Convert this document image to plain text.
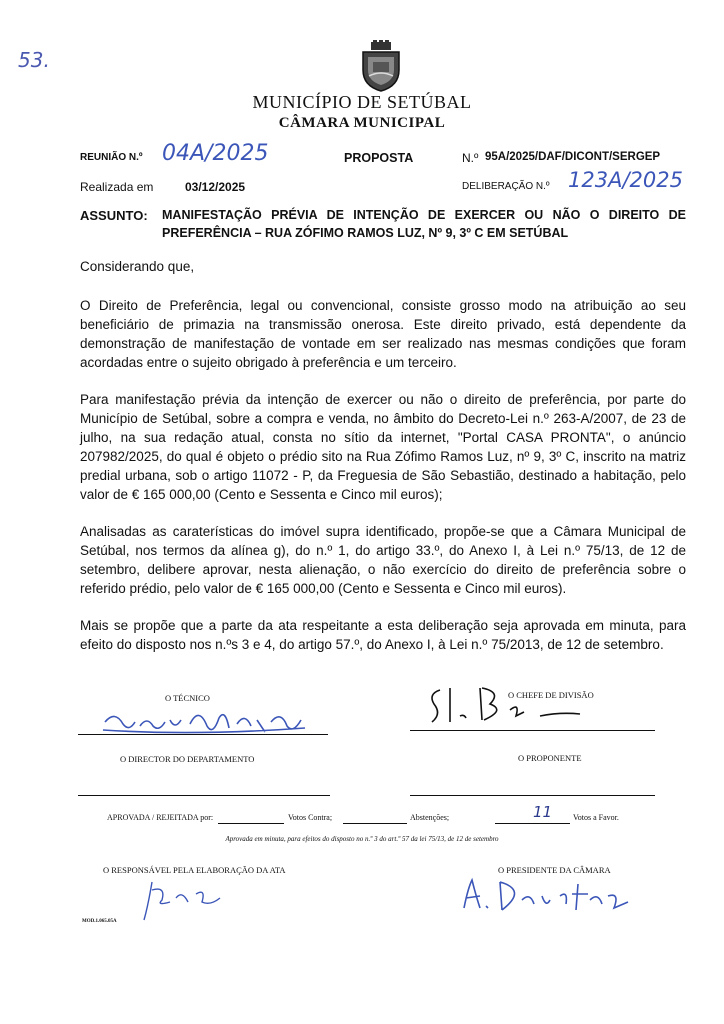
53.
MUNICÍPIO DE SETÚBAL
CÂMARA MUNICIPAL
REUNIÃO N.º 04A/2025	PROPOSTA	N.º 95A/2025/DAF/DICONT/SERGEP
Realizada em	03/12/2025	DELIBERAÇÃO N.º 123A/2025
ASSUNTO: MANIFESTAÇÃO PRÉVIA DE INTENÇÃO DE EXERCER OU NÃO O DIREITO DE
PREFERÊNCIA – RUA ZÓFIMO RAMOS LUZ, Nº 9, 3º C EM SETÚBAL

Considerando que,

O Direito de Preferência, legal ou convencional, consiste grosso modo na atribuição ao seu beneficiário de primazia na transmissão onerosa. Este direito privado, está dependente da demonstração de manifestação de vontade em ser realizado nas mesmas condições que foram acordadas entre o sujeito obrigado à preferência e um terceiro.

Para manifestação prévia da intenção de exercer ou não o direito de preferência, por parte do Município de Setúbal, sobre a compra e venda, no âmbito do Decreto-Lei n.º 263-A/2007, de 23 de julho, na sua redação atual, consta no sítio da internet, "Portal CASA PRONTA", o anúncio 207982/2025, do qual é objeto o prédio sito na Rua Zófimo Ramos Luz, nº 9, 3º C, inscrito na matriz predial urbana, sob o artigo 11072 - P, da Freguesia de São Sebastião, destinado a habitação, pelo valor de € 165 000,00 (Cento e Sessenta e Cinco mil euros);

Analisadas as caraterísticas do imóvel supra identificado, propõe-se que a Câmara Municipal de Setúbal, nos termos da alínea g), do n.º 1, do artigo 33.º, do Anexo I, à Lei n.º 75/13, de 12 de setembro, delibere aprovar, nesta alienação, o não exercício do direito de preferência sobre o referido prédio, pelo valor de € 165 000,00 (Cento e Sessenta e Cinco mil euros).

Mais se propõe que a parte da ata respeitante a esta deliberação seja aprovada em minuta, para efeito do disposto nos n.ºs 3 e 4, do artigo 57.º, do Anexo I, à Lei n.º 75/2013, de 12 de setembro.

O TÉCNICO	O CHEFE DE DIVISÃO
O DIRECTOR DO DEPARTAMENTO	O PROPONENTE
APROVADA / REJEITADA por:	Votos Contra;	Abstenções;	11	Votos a Favor.
Aprovada em minuta, para efeitos do disposto no n.º 3 do art.º 57 da lei 75/13, de 12 de setembro
O RESPONSÁVEL PELA ELABORAÇÃO DA ATA	O PRESIDENTE DA CÂMARA
MOD.1.065.05A
